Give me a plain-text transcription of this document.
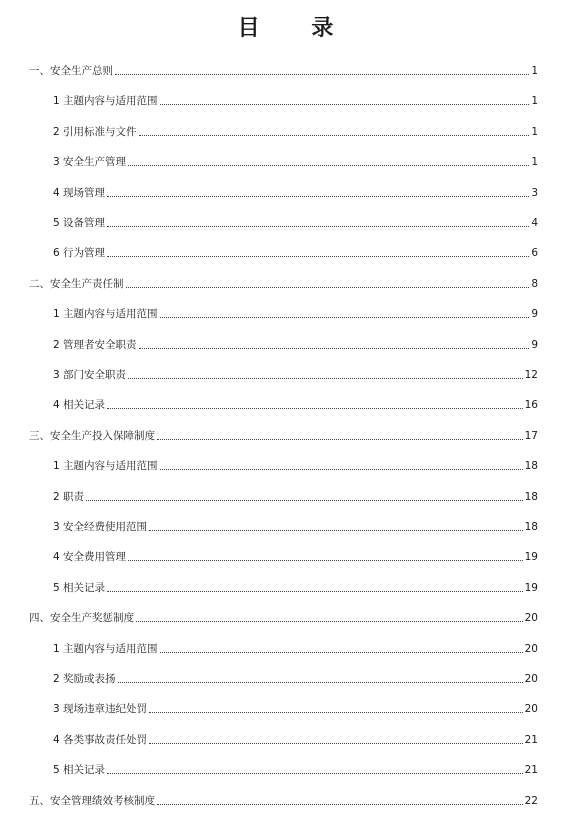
目 录
一、安全生产总则	1
1 主题内容与适用范围	1
2 引用标准与文件	1
3 安全生产管理	1
4 现场管理	3
5 设备管理	4
6 行为管理	6
二、安全生产责任制	8
1 主题内容与适用范围	9
2 管理者安全职责	9
3 部门安全职责	12
4 相关记录	16
三、安全生产投入保障制度	17
1 主题内容与适用范围	18
2 职责	18
3 安全经费使用范围	18
4 安全费用管理	19
5 相关记录	19
四、安全生产奖惩制度	20
1 主题内容与适用范围	20
2 奖励或表扬	20
3 现场违章违纪处罚	20
4 各类事故责任处罚	21
5 相关记录	21
五、安全管理绩效考核制度	22
